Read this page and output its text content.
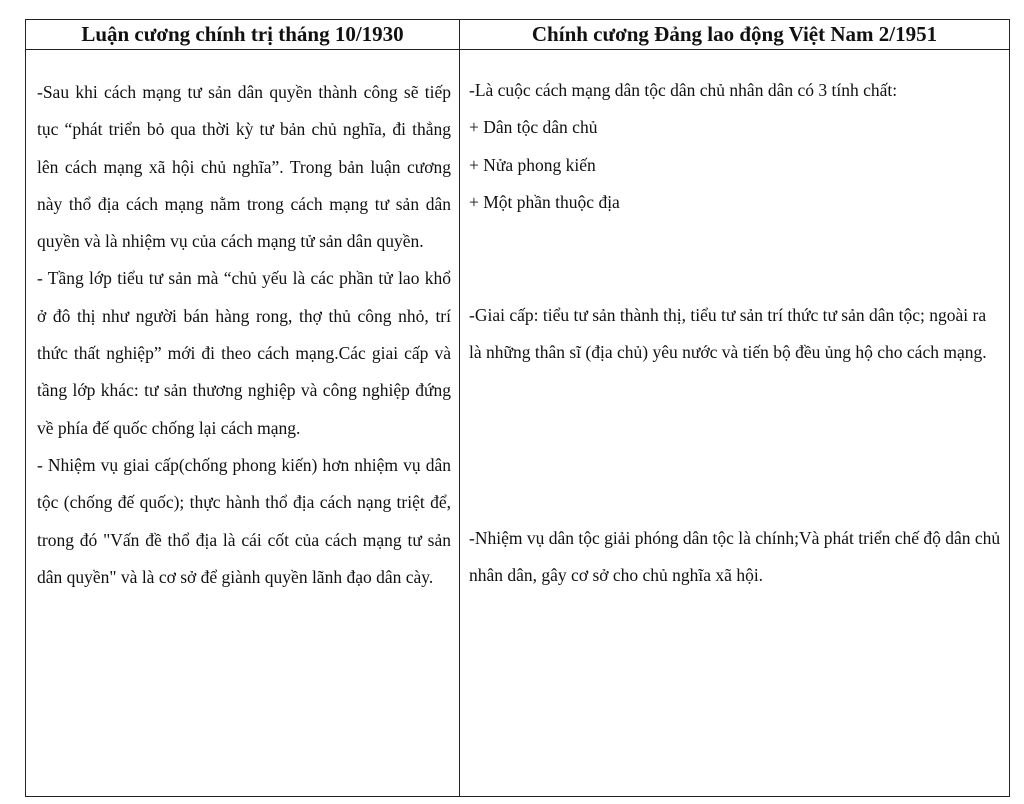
Luận cương chính trị tháng 10/1930	Chính cương Đảng lao động Việt Nam 2/1951

-Sau khi cách mạng tư sản dân quyền thành công sẽ tiếp tục “phát triển bỏ qua thời kỳ tư bản chủ nghĩa, đi thẳng lên cách mạng xã hội chủ nghĩa”. Trong bản luận cương này thổ địa cách mạng nằm trong cách mạng tư sản dân quyền và là nhiệm vụ của cách mạng tử sản dân quyền.

- Tầng lớp tiểu tư sản mà “chủ yếu là các phần tử lao khổ ở đô thị như người bán hàng rong, thợ thủ công nhỏ, trí thức thất nghiệp” mới đi theo cách mạng.Các giai cấp và tầng lớp khác: tư sản thương nghiệp và công nghiệp đứng về phía đế quốc chống lại cách mạng.

- Nhiệm vụ giai cấp(chống phong kiến) hơn nhiệm vụ dân tộc (chống đế quốc); thực hành thổ địa cách nạng triệt để, trong đó "Vấn đề thổ địa là cái cốt của cách mạng tư sản dân quyền" và là cơ sở để giành quyền lãnh đạo dân cày.

-Là cuộc cách mạng dân tộc dân chủ nhân dân có 3 tính chất:

+ Dân tộc dân chủ

+ Nửa phong kiến

+ Một phần thuộc địa

-Giai cấp: tiểu tư sản thành thị, tiểu tư sản trí thức tư sản dân tộc; ngoài ra là những thân sĩ (địa chủ) yêu nước và tiến bộ đều ủng hộ cho cách mạng.

-Nhiệm vụ dân tộc giải phóng dân tộc là chính;Và phát triển chế độ dân chủ nhân dân, gây cơ sở cho chủ nghĩa xã hội.
